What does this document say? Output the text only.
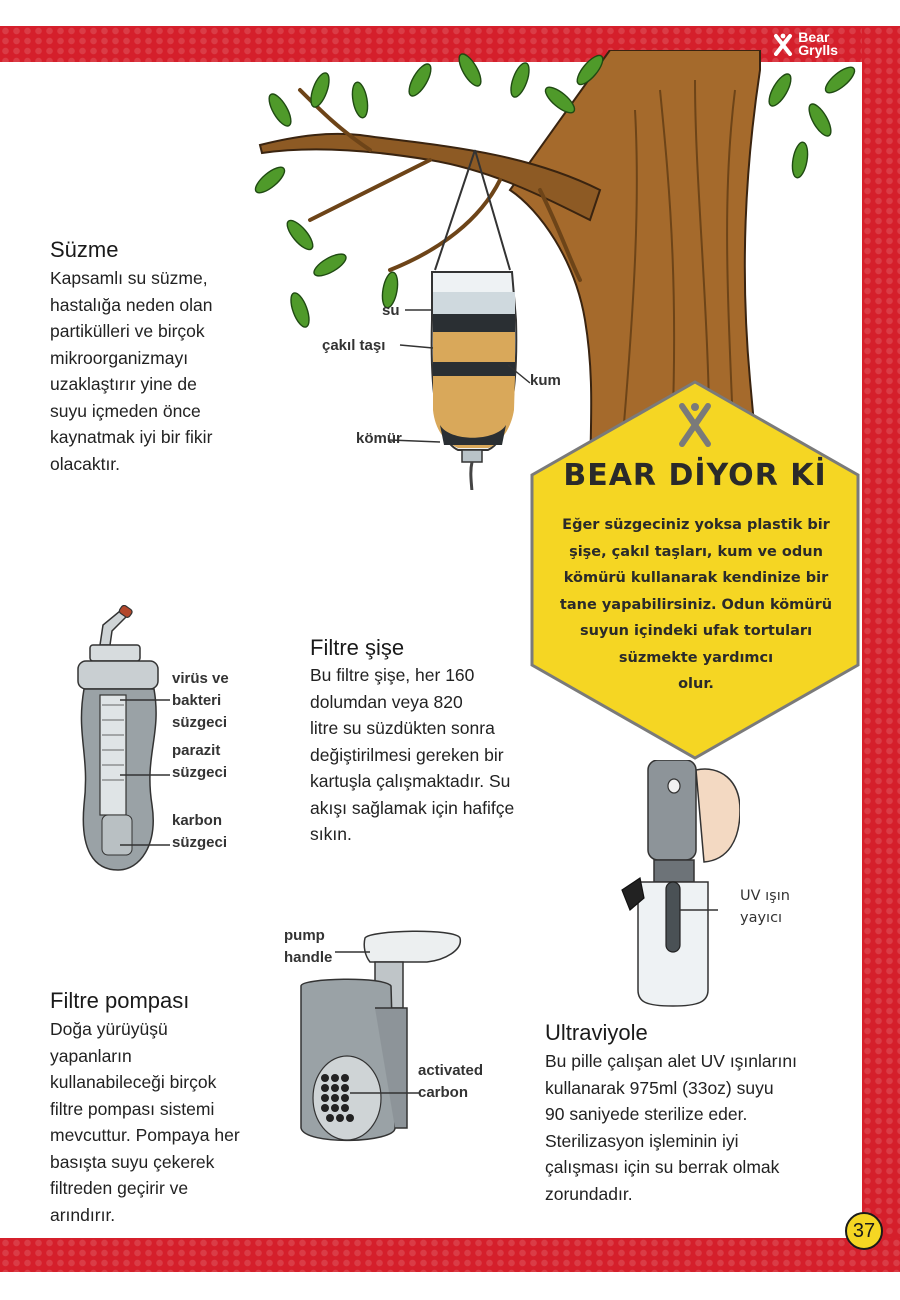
Bear
Grylls
su
çakıl taşı
kum
kömür
Süzme
Kapsamlı su süzme,
hastalığa neden olan
partikülleri ve birçok
mikroorganizmayı
uzaklaştırır yine de
suyu içmeden önce
kaynatmak iyi bir fikir
olacaktır.	BEAR DİYOR Kİ
Eğer süzgeciniz yoksa plastik bir
şişe, çakıl taşları, kum ve odun
kömürü kullanarak kendinize bir
tane yapabilirsiniz. Odun kömürü
suyun içindeki ufak tortuları
süzmekte yardımcı
olur.
virüs ve
bakteri
süzgeci
parazit
süzgeci
karbon
süzgeci
Filtre şişe
Bu filtre şişe, her 160
dolumdan veya 820
litre su süzdükten sonra
değiştirilmesi gereken bir
kartuşla çalışmaktadır. Su
akışı sağlamak için hafifçe
sıkın.
UV ışın
yayıcı
pump
handle
activated
carbon
Filtre pompası
Doğa yürüyüşü
yapanların
kullanabileceği birçok
filtre pompası sistemi
mevcuttur. Pompaya her
basışta suyu çekerek
filtreden geçirir ve
arındırır.
Ultraviyole
Bu pille çalışan alet UV ışınlarını
kullanarak 975ml (33oz) suyu
90 saniyede sterilize eder.
Sterilizasyon işleminin iyi
çalışması için su berrak olmak
zorundadır.
37
